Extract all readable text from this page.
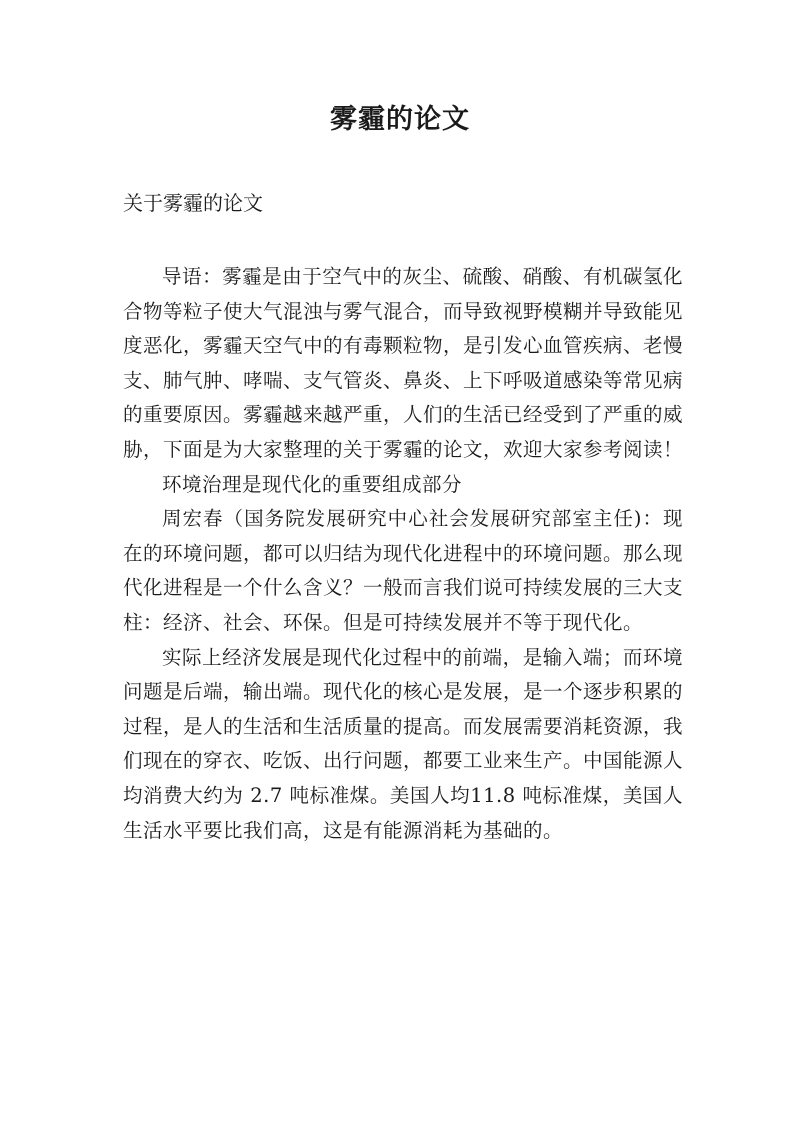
雾霾的论文

关于雾霾的论文

导语：雾霾是由于空气中的灰尘、硫酸、硝酸、有机碳氢化合物等粒子使大气混浊与雾气混合，而导致视野模糊并导致能见度恶化，雾霾天空气中的有毒颗粒物，是引发心血管疾病、老慢支、肺气肿、哮喘、支气管炎、鼻炎、上下呼吸道感染等常见病的重要原因。雾霾越来越严重，人们的生活已经受到了严重的威胁，下面是为大家整理的关于雾霾的论文，欢迎大家参考阅读！

环境治理是现代化的重要组成部分

周宏春（国务院发展研究中心社会发展研究部室主任)：现在的环境问题，都可以归结为现代化进程中的环境问题。那么现代化进程是一个什么含义？一般而言我们说可持续发展的三大支柱：经济、社会、环保。但是可持续发展并不等于现代化。

实际上经济发展是现代化过程中的前端，是输入端；而环境问题是后端，输出端。现代化的核心是发展，是一个逐步积累的过程，是人的生活和生活质量的提高。而发展需要消耗资源，我们现在的穿衣、吃饭、出行问题，都要工业来生产。中国能源人均消费大约为 2.7 吨标准煤。美国人均11.8 吨标准煤，美国人生活水平要比我们高，这是有能源消耗为基础的。
